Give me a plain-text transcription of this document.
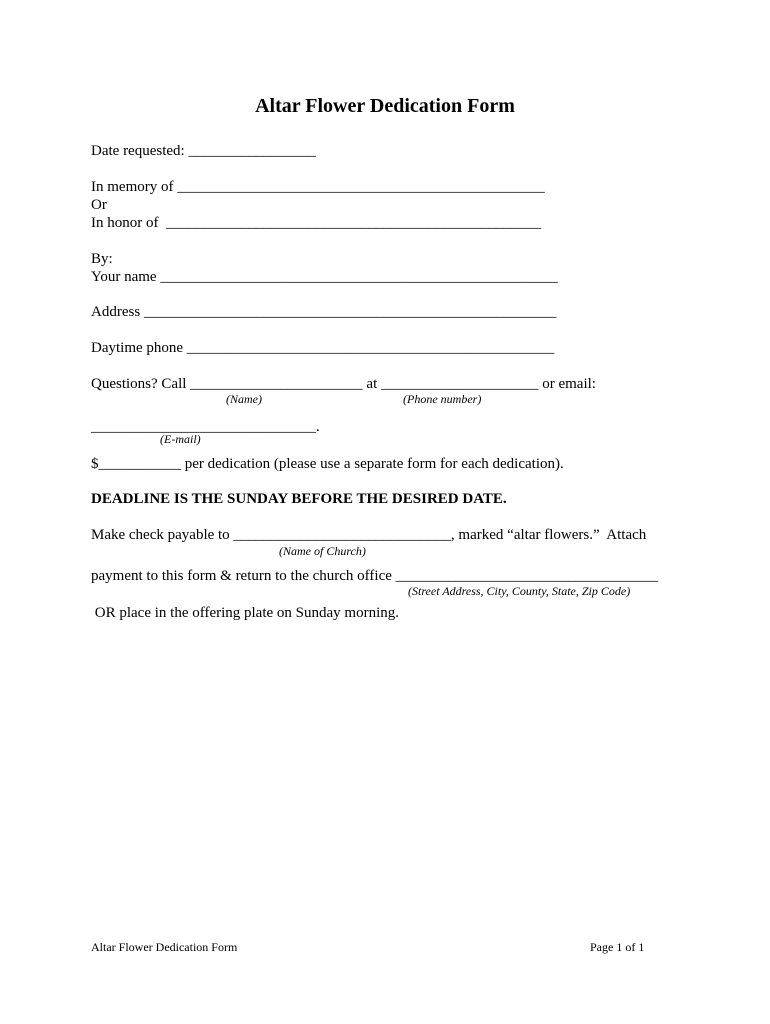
Altar Flower Dedication Form
Date requested: _________________
In memory of _________________________________________________
Or
In honor of  __________________________________________________
By:
Your name _____________________________________________________
Address _______________________________________________________
Daytime phone _________________________________________________
Questions? Call _______________________ at _____________________ or email:
(Name)	(Phone number)
______________________________.
(E-mail)
$___________ per dedication (please use a separate form for each dedication).
DEADLINE IS THE SUNDAY BEFORE THE DESIRED DATE.
Make check payable to _____________________________, marked “altar flowers.”  Attach
(Name of Church)
payment to this form & return to the church office ___________________________________
(Street Address, City, County, State, Zip Code)
OR place in the offering plate on Sunday morning.
Altar Flower Dedication Form	Page 1 of 1
